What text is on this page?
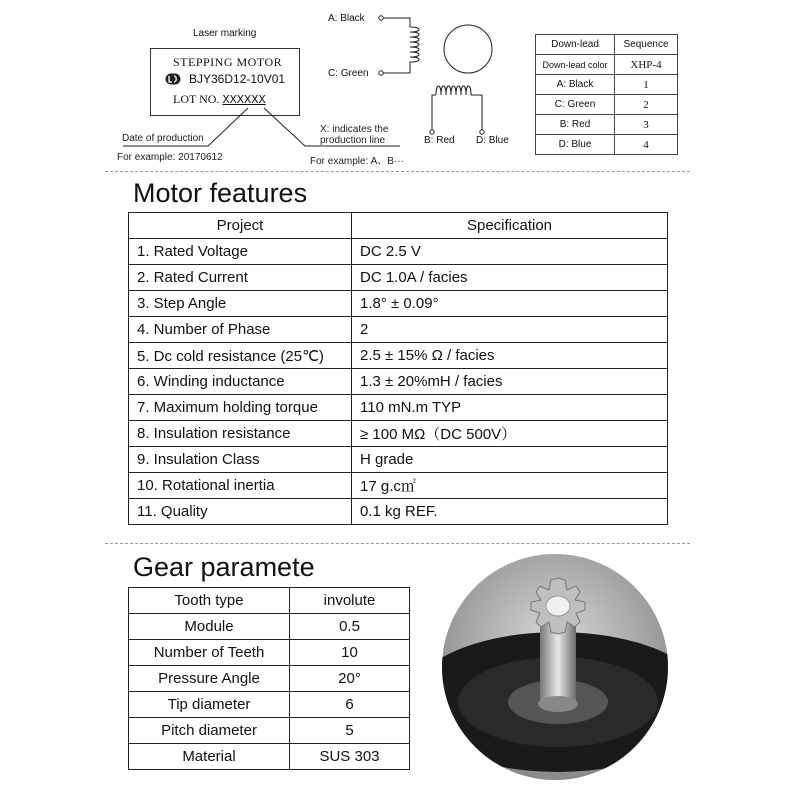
Laser marking
STEPPING MOTOR
BJY36D12-10V01
LOT NO. XXXXXX
Date of production
For example: 20170612
X: indicates the
production line
For example: A、B···
A: Black
C: Green
B: Red D: Blue
Down-lead	Sequence
Down-lead color	XHP-4
A: Black	1
C: Green	2
B: Red	3
D: Blue	4
Motor features
Project	Specification
1. Rated Voltage	DC 2.5 V
2. Rated Current	DC 1.0A / facies
3. Step Angle	1.8° ± 0.09°
4. Number of Phase	2
5. Dc cold resistance (25℃)	2.5 ± 15% Ω / facies
6. Winding inductance	1.3 ± 20%mH / facies
7. Maximum holding torque	110 mN.m TYP
8. Insulation resistance	≥ 100 MΩ（DC 500V）
9. Insulation Class	H grade
10. Rotational inertia	17 g.c㎡
11. Quality	0.1 kg REF.
Gear paramete
Tooth type	involute
Module	0.5
Number of Teeth	10
Pressure Angle	20°
Tip diameter	6
Pitch diameter	5
Material	SUS 303
